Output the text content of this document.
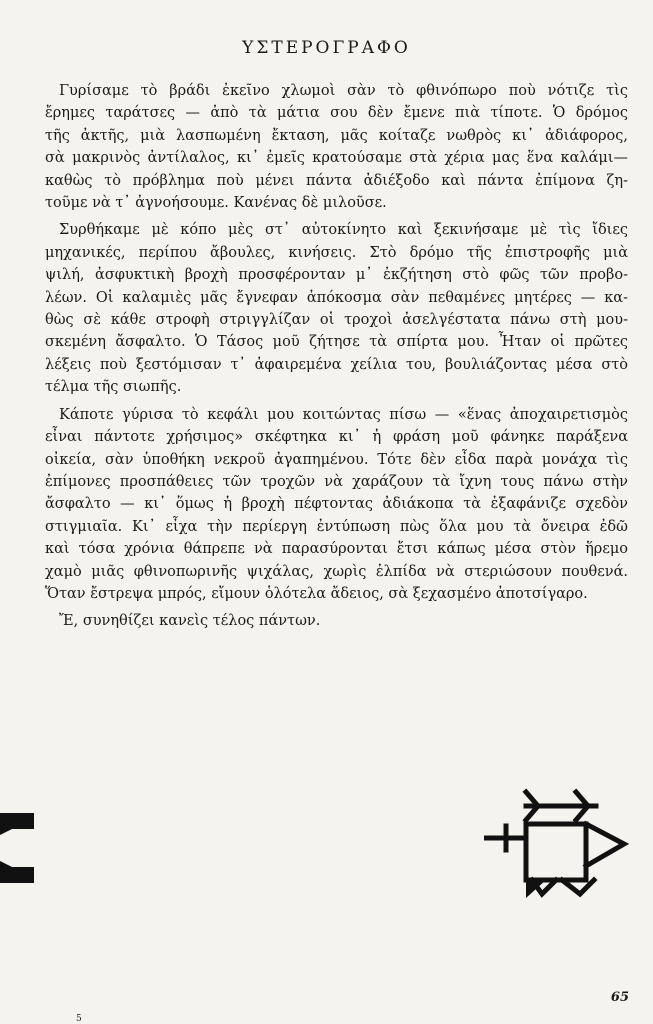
ΥΣΤΕΡΟΓΡΑΦΟ

Γυρίσαμε τὸ βράδι ἐκεῖνο χλωμοὶ σὰν τὸ φθινόπωρο ποὺ νότιζε τὶς
ἔρημες ταράτσες — ἀπὸ τὰ μάτια σου δὲν ἔμενε πιὰ τίποτε. Ὁ δρόμος
τῆς ἀκτῆς, μιὰ λασπωμένη ἔκταση, μᾶς κοίταζε νωθρὸς κι᾿ ἀδιάφορος,
σὰ μακρινὸς ἀντίλαλος, κι᾿ ἐμεῖς κρατούσαμε στὰ χέρια μας ἕνα καλάμι—
καθὼς τὸ πρόβλημα ποὺ μένει πάντα ἀδιέξοδο καὶ πάντα ἐπίμονα ζη-
τοῦμε νὰ τ᾿ ἀγνοήσουμε. Κανένας δὲ μιλοῦσε.

Συρθήκαμε μὲ κόπο μὲς στ᾿ αὐτοκίνητο καὶ ξεκινήσαμε μὲ τὶς ἴδιες
μηχανικές, περίπου ἄβουλες, κινήσεις. Στὸ δρόμο τῆς ἐπιστροφῆς μιὰ
ψιλή, ἀσφυκτικὴ βροχὴ προσφέρονταν μ᾿ ἐκζήτηση στὸ φῶς τῶν προβο-
λέων. Οἱ καλαμιὲς μᾶς ἔγνεφαν ἀπόκοσμα σὰν πεθαμένες μητέρες — κα-
θὼς σὲ κάθε στροφὴ στριγγλίζαν οἱ τροχοὶ ἀσελγέστατα πάνω στὴ μου-
σκεμένη ἄσφαλτο. Ὁ Τάσος μοῦ ζήτησε τὰ σπίρτα μου. Ἦταν οἱ πρῶτες
λέξεις ποὺ ξεστόμισαν τ᾿ ἀφαιρεμένα χείλια του, βουλιάζοντας μέσα στὸ
τέλμα τῆς σιωπῆς.

Κάποτε γύρισα τὸ κεφάλι μου κοιτώντας πίσω — «ἕνας ἀποχαιρετισμὸς
εἶναι πάντοτε χρήσιμος» σκέφτηκα κι᾿ ἡ φράση μοῦ φάνηκε παράξενα
οἰκεία, σὰν ὑποθήκη νεκροῦ ἀγαπημένου. Τότε δὲν εἶδα παρὰ μονάχα τὶς
ἐπίμονες προσπάθειες τῶν τροχῶν νὰ χαράζουν τὰ ἴχνη τους πάνω στὴν
ἄσφαλτο — κι᾿ ὅμως ἡ βροχὴ πέφτοντας ἀδιάκοπα τὰ ἐξαφάνιζε σχεδὸν
στιγμιαῖα. Κι᾿ εἶχα τὴν περίεργη ἐντύπωση πὼς ὅλα μου τὰ ὄνειρα ἐδῶ
καὶ τόσα χρόνια θάπρεπε νὰ παρασύρονται ἔτσι κάπως μέσα στὸν ἥρεμο
χαμὸ μιᾶς φθινοπωρινῆς ψιχάλας, χωρὶς ἐλπίδα νὰ στεριώσουν πουθενά.
Ὅταν ἔστρεψα μπρός, εἴμουν ὁλότελα ἄδειος, σὰ ξεχασμένο ἀποτσίγαρο.

Ἔ, συνηθίζει κανεὶς τέλος πάντων.

65
5
